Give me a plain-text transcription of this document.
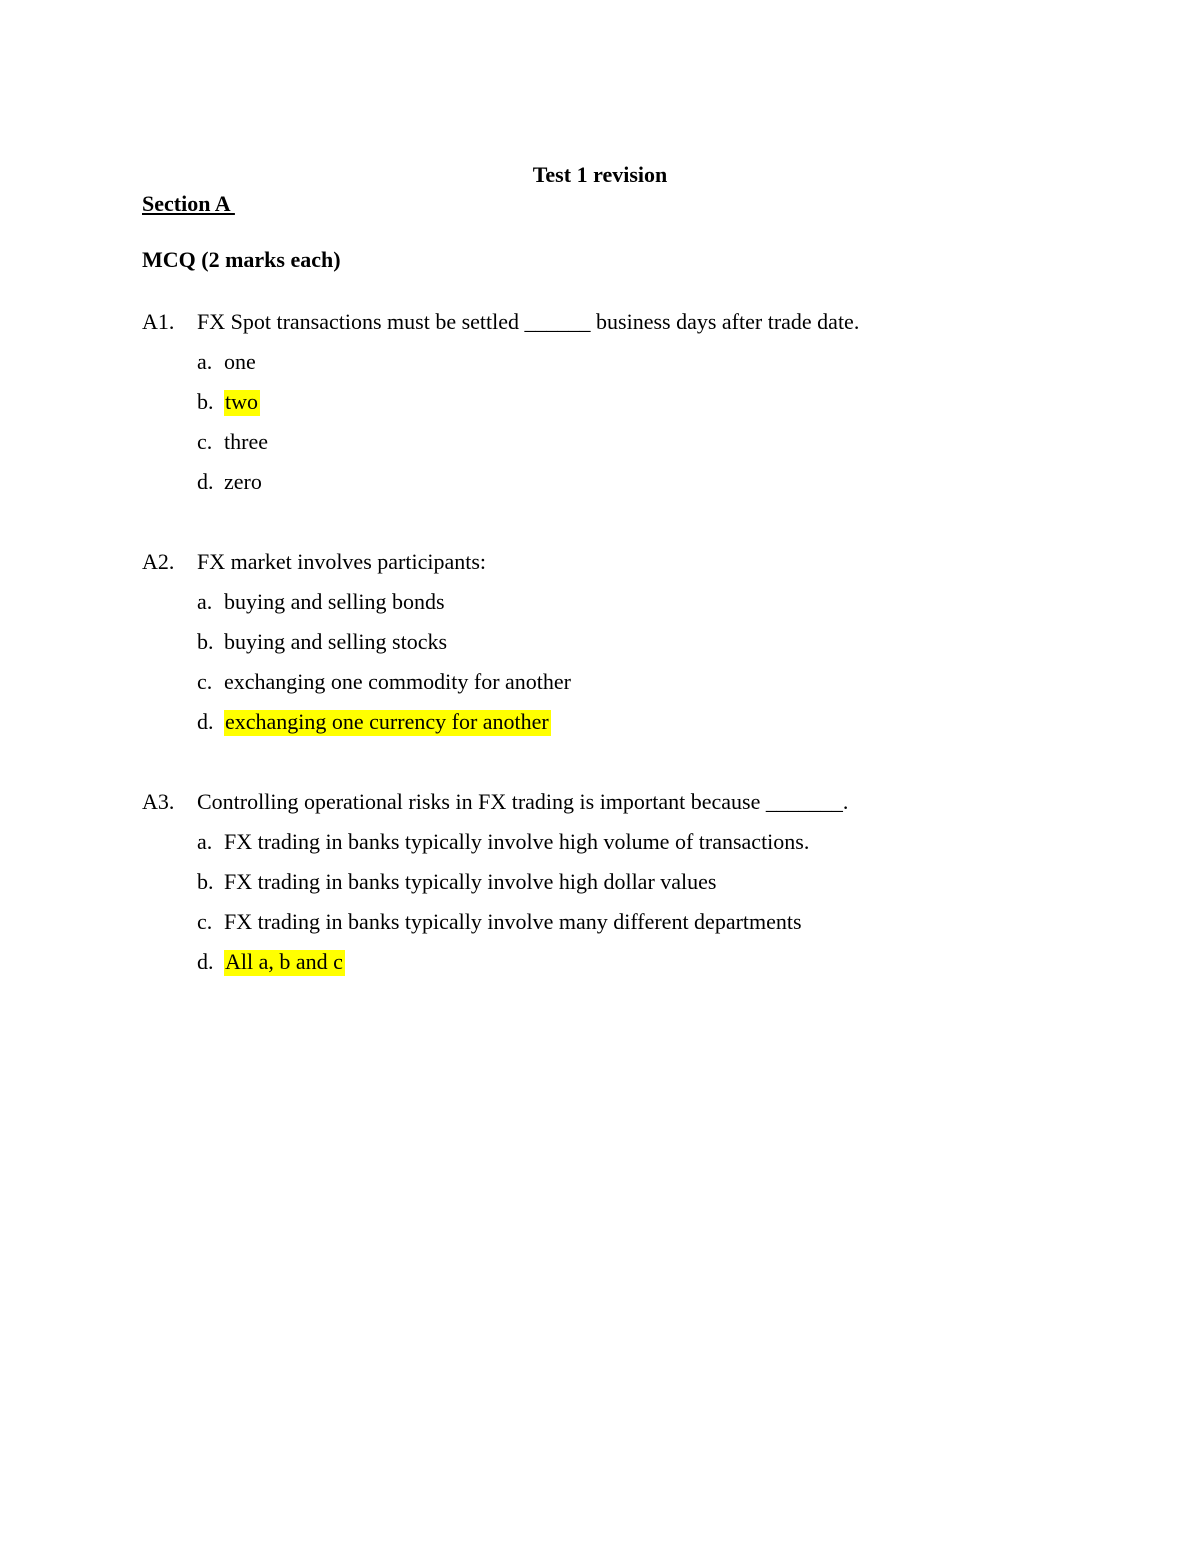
Test 1 revision
Section A
MCQ (2 marks each)
A1. FX Spot transactions must be settled ______ business days after trade date.
a. one
b. two
c. three
d. zero
A2. FX market involves participants:
a. buying and selling bonds
b. buying and selling stocks
c. exchanging one commodity for another
d. exchanging one currency for another
A3. Controlling operational risks in FX trading is important because _______.
a. FX trading in banks typically involve high volume of transactions.
b. FX trading in banks typically involve high dollar values
c. FX trading in banks typically involve many different departments
d. All a, b and c
